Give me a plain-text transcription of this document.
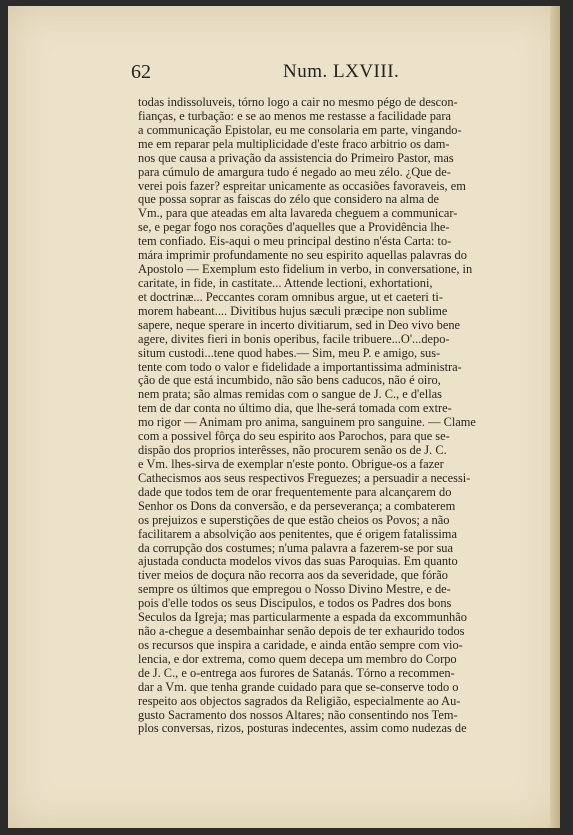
62	Num. LXVIII.
todas indissoluveis, tórno logo a cair no mesmo pégo de descon-
fianças, e turbação: e se ao menos me restasse a facilidade para
a communicação Epistolar, eu me consolaria em parte, vingando-
me em reparar pela multiplicidade d'este fraco arbitrio os dam-
nos que causa a privação da assistencia do Primeiro Pastor, mas
para cúmulo de amargura tudo é negado ao meu zélo. ¿Que de-
verei pois fazer? espreitar unicamente as occasiões favoraveis, em
que possa soprar as faiscas do zélo que considero na alma de
Vm., para que ateadas em alta lavareda cheguem a communicar-
se, e pegar fogo nos corações d'aquelles que a Providência lhe-
tem confiado. Eis-aqui o meu principal destino n'ésta Carta: to-
mára imprimir profundamente no seu espirito aquellas palavras do
Apostolo — Exemplum esto fidelium in verbo, in conversatione, in
caritate, in fide, in castitate... Attende lectioni, exhortationi,
et doctrinæ... Peccantes coram omnibus argue, ut et caeteri ti-
morem habeant.... Divitibus hujus sæculi præcipe non sublime
sapere, neque sperare in incerto divitiarum, sed in Deo vivo bene
agere, divites fieri in bonis operibus, facile tribuere...O'...depo-
situm custodi...tene quod habes.— Sim, meu P. e amigo, sus-
tente com todo o valor e fidelidade a importantissima administra-
ção de que está incumbido, não são bens caducos, não é oiro,
nem prata; são almas remidas com o sangue de J. C., e d'ellas
tem de dar conta no último dia, que lhe-será tomada com extre-
mo rigor — Animam pro anima, sanguinem pro sanguine. — Clame
com a possivel fôrça do seu espirito aos Parochos, para que se-
dispão dos proprios interêsses, não procurem senão os de J. C.
e Vm. lhes-sirva de exemplar n'este ponto. Obrigue-os a fazer
Cathecismos aos seus respectivos Freguezes; a persuadir a necessi-
dade que todos tem de orar frequentemente para alcançarem do
Senhor os Dons da conversão, e da perseverança; a combaterem
os prejuizos e superstições de que estão cheios os Povos; a não
facilitarem a absolvição aos penitentes, que é origem fatalissima
da corrupção dos costumes; n'uma palavra a fazerem-se por sua
ajustada conducta modelos vivos das suas Paroquias. Em quanto
tiver meios de doçura não recorra aos da severidade, que fórão
sempre os últimos que empregou o Nosso Divino Mestre, e de-
pois d'elle todos os seus Discipulos, e todos os Padres dos bons
Seculos da Igreja; mas particularmente a espada da excommunhão
não a-chegue a desembainhar senão depois de ter exhaurido todos
os recursos que inspira a caridade, e ainda então sempre com vio-
lencia, e dor extrema, como quem decepa um membro do Corpo
de J. C., e o-entrega aos furores de Satanás. Tórno a recommen-
dar a Vm. que tenha grande cuidado para que se-conserve todo o
respeito aos objectos sagrados da Religião, especialmente ao Au-
gusto Sacramento dos nossos Altares; não consentindo nos Tem-
plos conversas, rizos, posturas indecentes, assim como nudezas de
